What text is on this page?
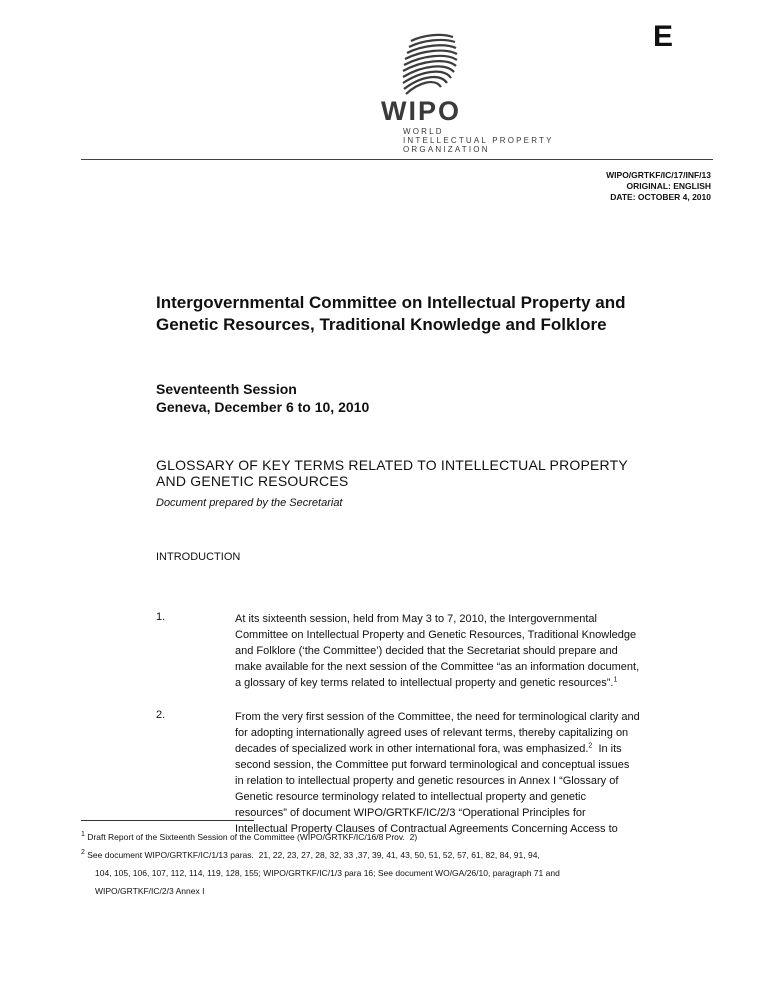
E
WIPO
WORLD
INTELLECTUAL PROPERTY
ORGANIZATION
WIPO/GRTKF/IC/17/INF/13
ORIGINAL: ENGLISH
DATE: OCTOBER 4, 2010
Intergovernmental Committee on Intellectual Property and
Genetic Resources, Traditional Knowledge and Folklore
Seventeenth Session
Geneva, December 6 to 10, 2010
GLOSSARY OF KEY TERMS RELATED TO INTELLECTUAL PROPERTY
AND GENETIC RESOURCES
Document prepared by the Secretariat
INTRODUCTION
1.	At its sixteenth session, held from May 3 to 7, 2010, the Intergovernmental
Committee on Intellectual Property and Genetic Resources, Traditional Knowledge
and Folklore (‘the Committee’) decided that the Secretariat should prepare and
make available for the next session of the Committee “as an information document,
a glossary of key terms related to intellectual property and genetic resources”.$^1$
2.	From the very first session of the Committee, the need for terminological clarity and
for adopting internationally agreed uses of relevant terms, thereby capitalizing on
decades of specialized work in other international fora, was emphasized.$^2$  In its
second session, the Committee put forward terminological and conceptual issues
in relation to intellectual property and genetic resources in Annex I “Glossary of
Genetic resource terminology related to intellectual property and genetic
resources” of document WIPO/GRTKF/IC/2/3 “Operational Principles for
Intellectual Property Clauses of Contractual Agreements Concerning Access to
$^1$ Draft Report of the Sixteenth Session of the Committee (WIPO/GRTKF/IC/16/8 Prov.  2)
$^2$ See document WIPO/GRTKF/IC/1/13 paras.  21, 22, 23, 27, 28, 32, 33 ,37, 39, 41, 43, 50, 51, 52, 57, 61, 82, 84, 91, 94,
104, 105, 106, 107, 112, 114, 119, 128, 155; WIPO/GRTKF/IC/1/3 para 16; See document WO/GA/26/10, paragraph 71 and
WIPO/GRTKF/IC/2/3 Annex I
